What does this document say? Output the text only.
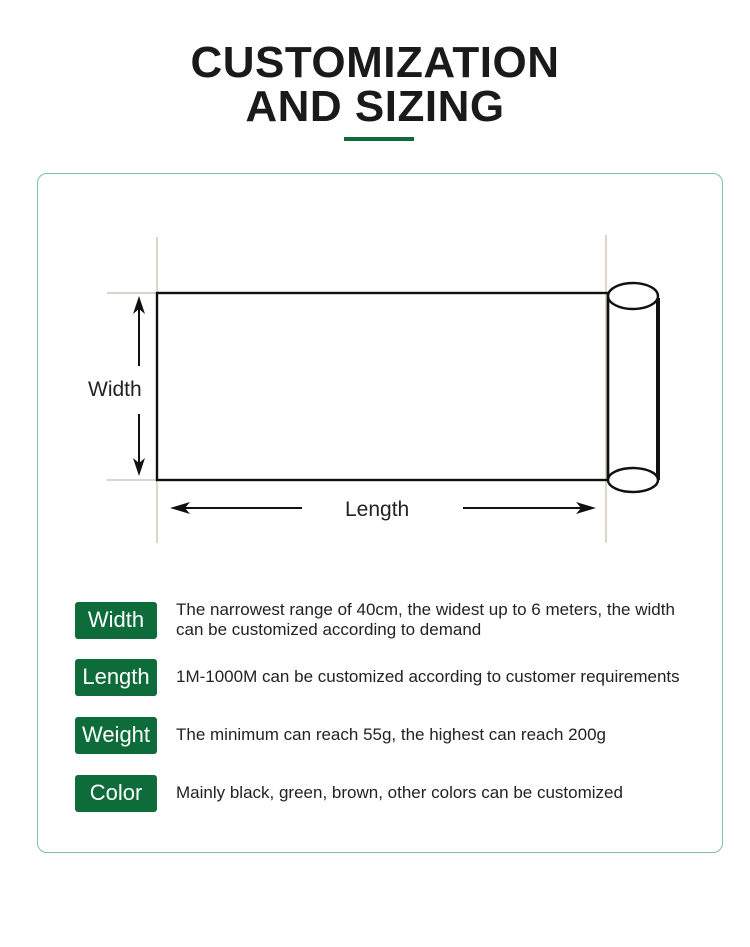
CUSTOMIZATION
AND SIZING
Width
Length
Width	The narrowest range of 40cm, the widest up to 6 meters, the width can be customized according to demand
Length	1M-1000M can be customized according to customer requirements
Weight	The minimum can reach 55g, the highest can reach 200g
Color	Mainly black, green, brown, other colors can be customized
